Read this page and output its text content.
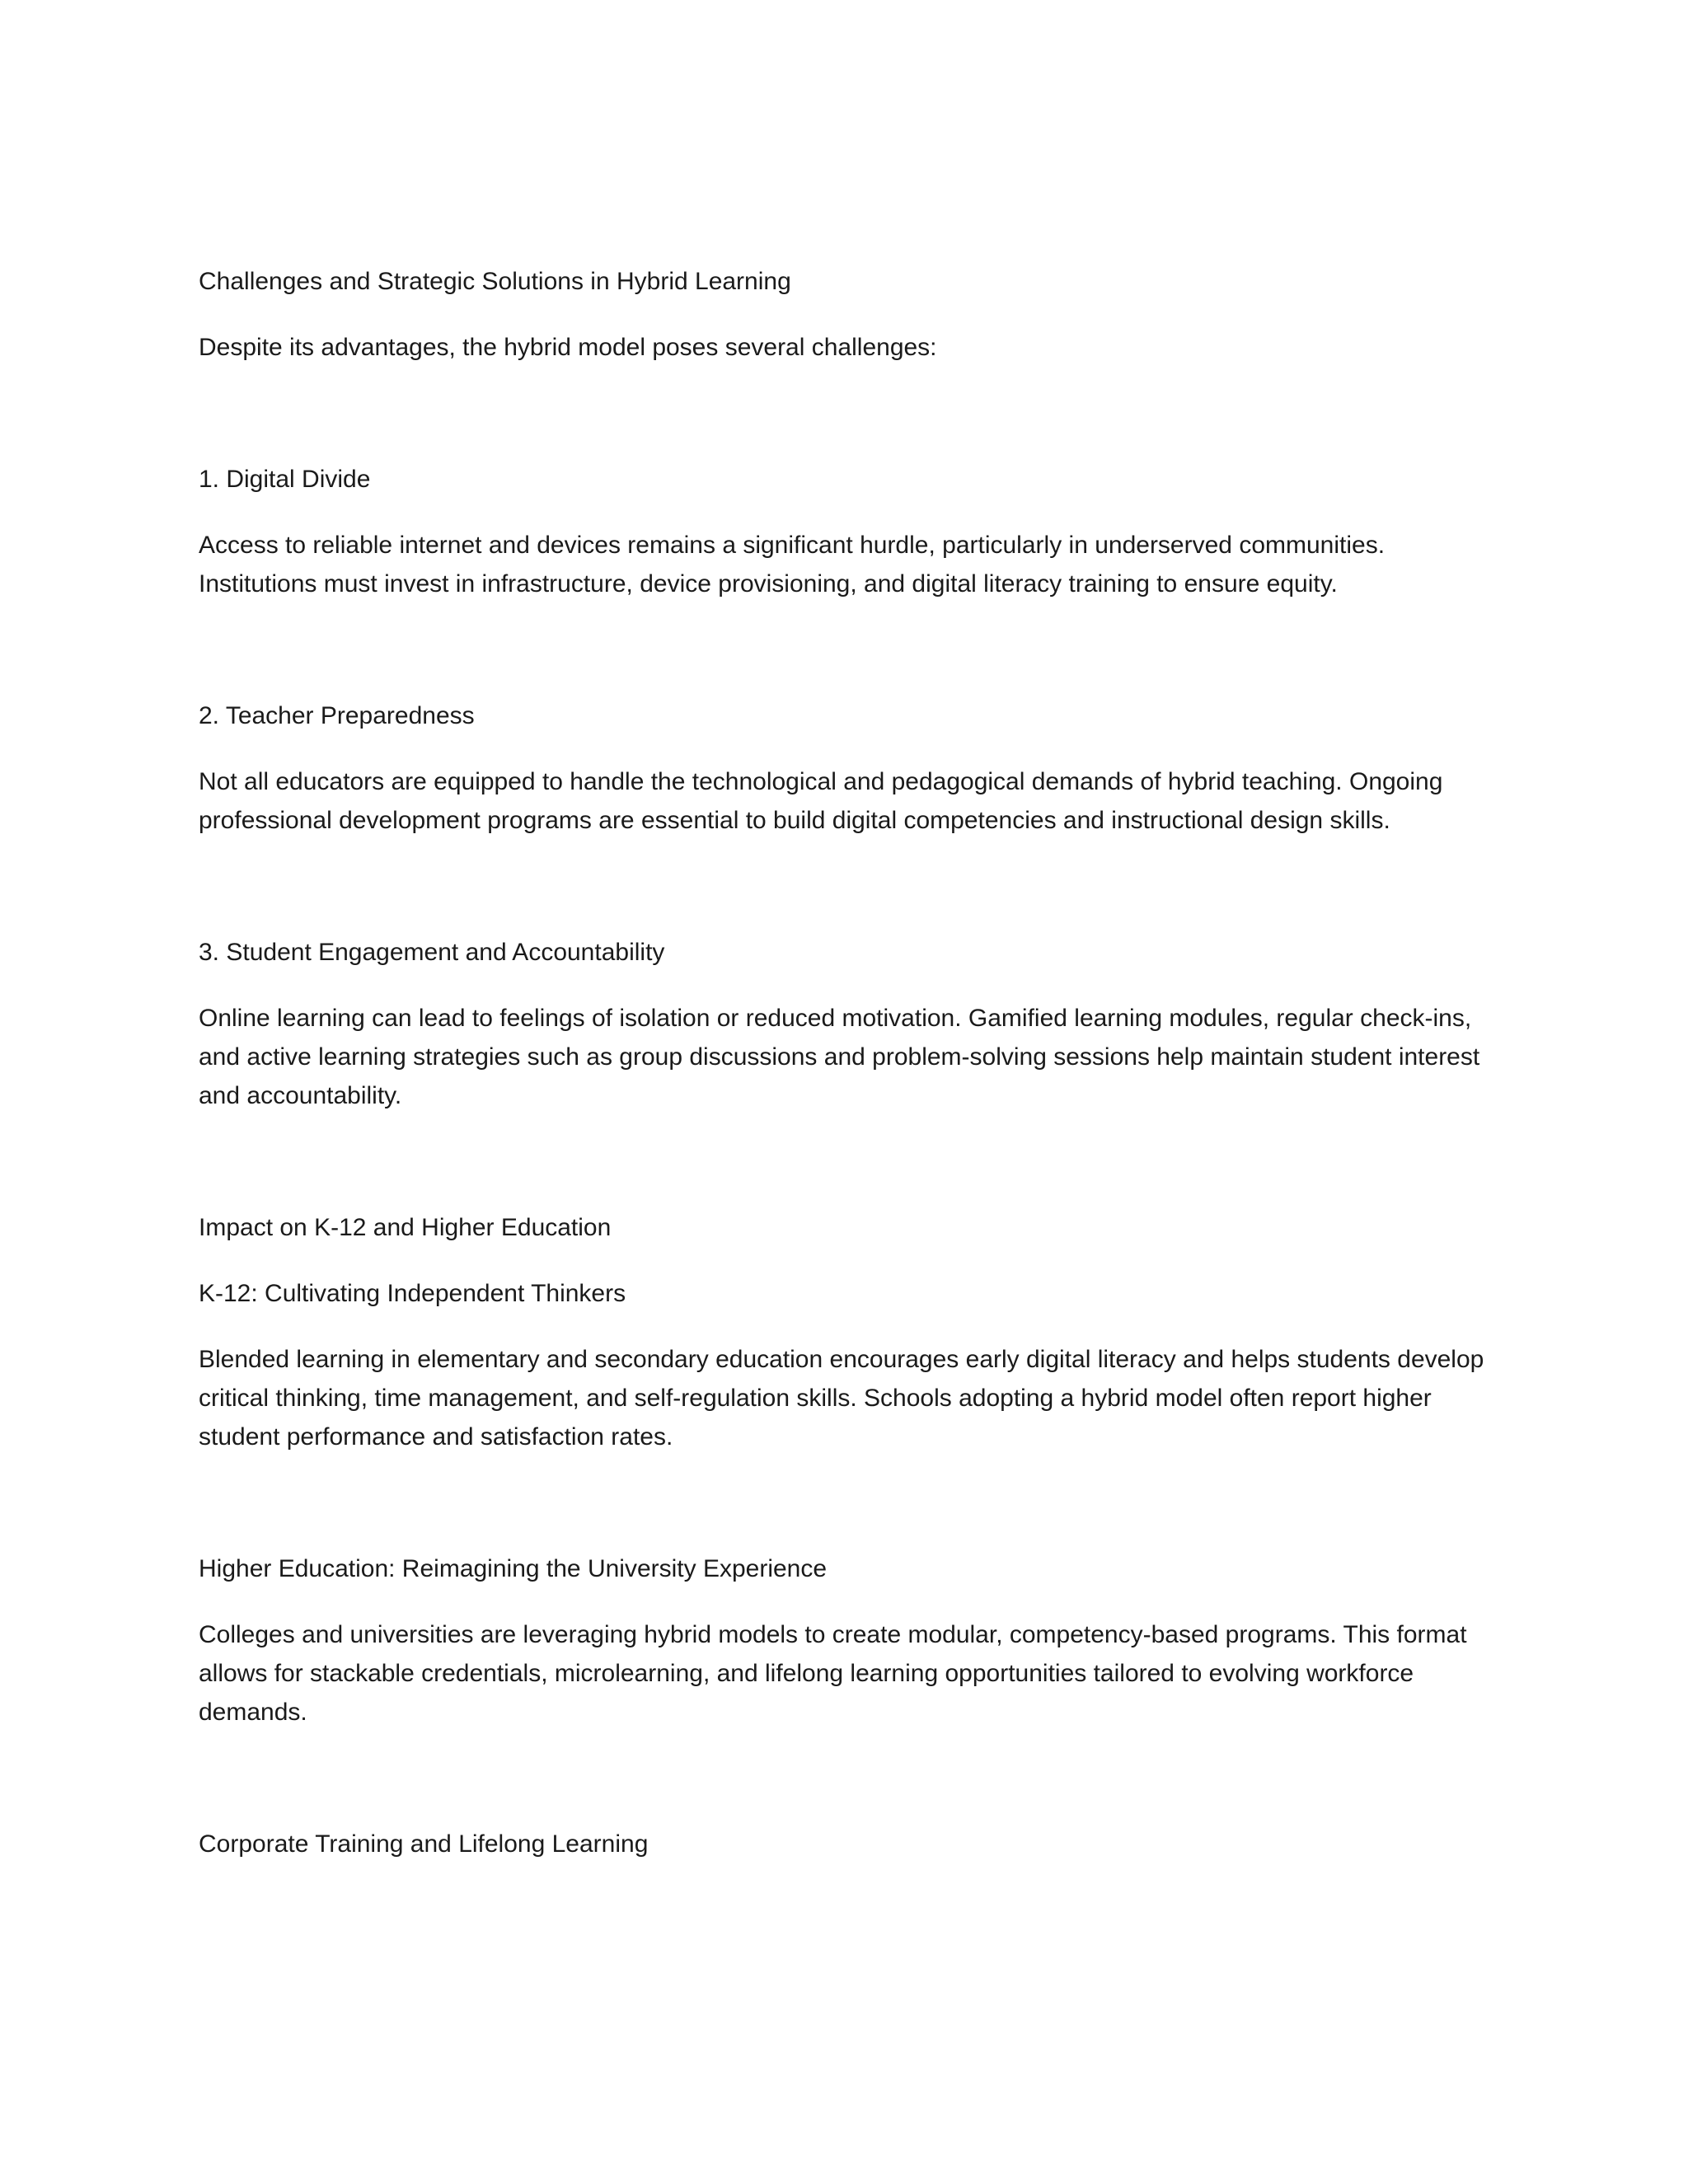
Challenges and Strategic Solutions in Hybrid Learning

Despite its advantages, the hybrid model poses several challenges:

1. Digital Divide

Access to reliable internet and devices remains a significant hurdle, particularly in underserved communities. Institutions must invest in infrastructure, device provisioning, and digital literacy training to ensure equity.

2. Teacher Preparedness

Not all educators are equipped to handle the technological and pedagogical demands of hybrid teaching. Ongoing professional development programs are essential to build digital competencies and instructional design skills.

3. Student Engagement and Accountability

Online learning can lead to feelings of isolation or reduced motivation. Gamified learning modules, regular check-ins, and active learning strategies such as group discussions and problem-solving sessions help maintain student interest and accountability.

Impact on K-12 and Higher Education

K-12: Cultivating Independent Thinkers

Blended learning in elementary and secondary education encourages early digital literacy and helps students develop critical thinking, time management, and self-regulation skills. Schools adopting a hybrid model often report higher student performance and satisfaction rates.

Higher Education: Reimagining the University Experience

Colleges and universities are leveraging hybrid models to create modular, competency-based programs. This format allows for stackable credentials, microlearning, and lifelong learning opportunities tailored to evolving workforce demands.

Corporate Training and Lifelong Learning
